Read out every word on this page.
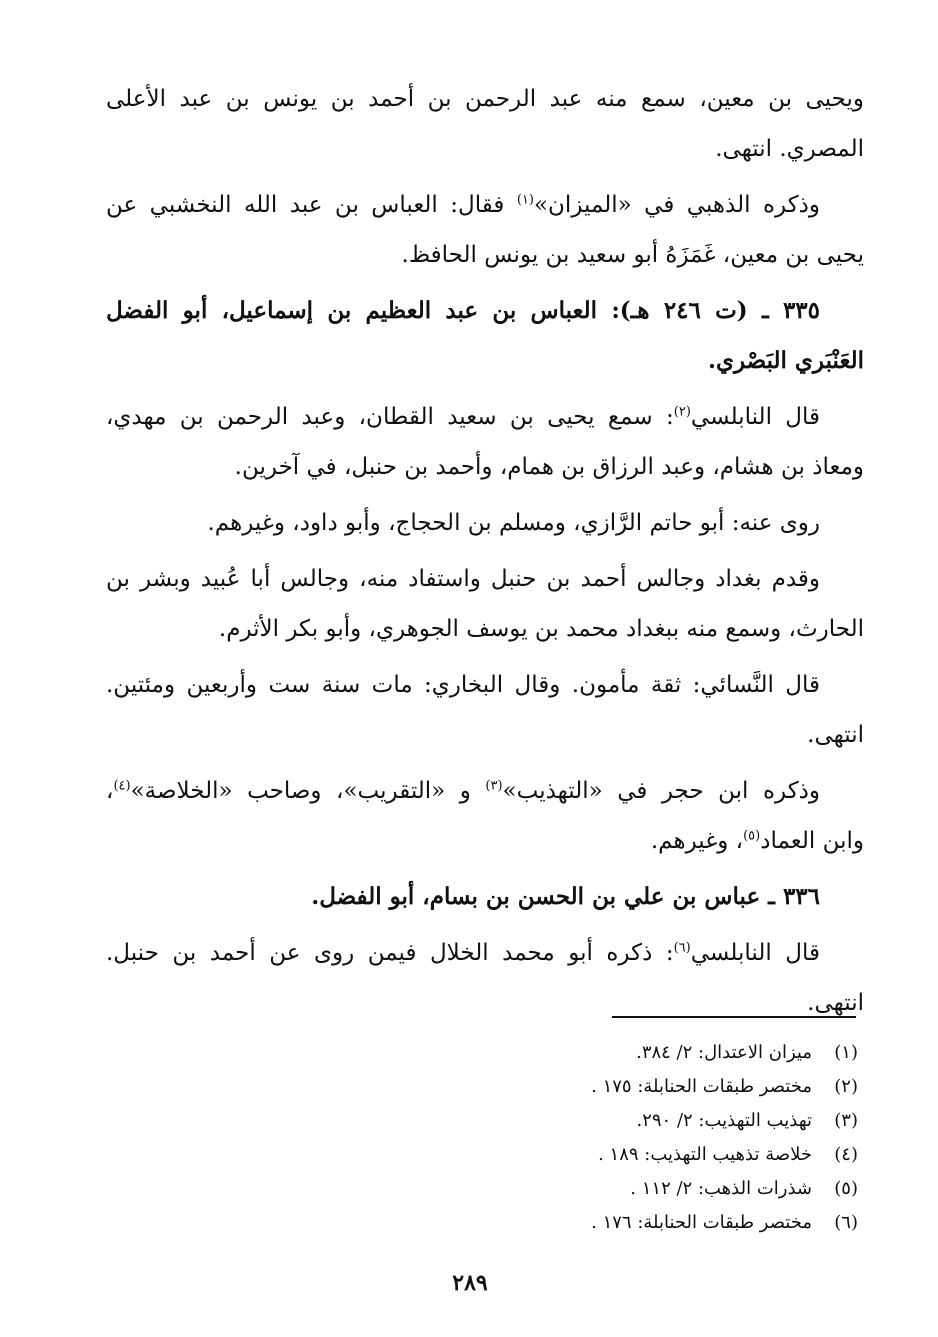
ويحيى بن معين، سمع منه عبد الرحمن بن أحمد بن يونس بن عبد الأعلى
المصري. انتهى.
وذكره الذهبي في «الميزان»$^{(١)}$ فقال: العباس بن عبد الله النخشبي عن
يحيى بن معين، غَمَزَهُ أبو سعيد بن يونس الحافظ.
٣٣٥ ـ (ت ٢٤٦ هـ): العباس بن عبد العظيم بن إسماعيل، أبو الفضل
العَنْبَري البَصْري.
قال النابلسي$^{(٢)}$: سمع يحيى بن سعيد القطان، وعبد الرحمن بن مهدي،
ومعاذ بن هشام، وعبد الرزاق بن همام، وأحمد بن حنبل، في آخرين.
روى عنه: أبو حاتم الرَّازي، ومسلم بن الحجاج، وأبو داود، وغيرهم.
وقدم بغداد وجالس أحمد بن حنبل واستفاد منه، وجالس أبا عُبيد وبشر بن
الحارث، وسمع منه ببغداد محمد بن يوسف الجوهري، وأبو بكر الأثرم.
قال النَّسائي: ثقة مأمون. وقال البخاري: مات سنة ست وأربعين ومئتين.
انتهى.
وذكره ابن حجر في «التهذيب»$^{(٣)}$ و «التقريب»، وصاحب «الخلاصة»$^{(٤)}$،
وابن العماد$^{(٥)}$، وغيرهم.
٣٣٦ ـ عباس بن علي بن الحسن بن بسام، أبو الفضل.
قال النابلسي$^{(٦)}$: ذكره أبو محمد الخلال فيمن روى عن أحمد بن حنبل.
انتهى.
(١)ميزان الاعتدال: ٢/ ٣٨٤.
(٢)مختصر طبقات الحنابلة: ١٧٥ .
(٣)تهذيب التهذيب: ٢/ ٢٩٠.
(٤)خلاصة تذهيب التهذيب: ١٨٩ .
(٥)شذرات الذهب: ٢/ ١١٢ .
(٦)مختصر طبقات الحنابلة: ١٧٦ .
٢٨٩
